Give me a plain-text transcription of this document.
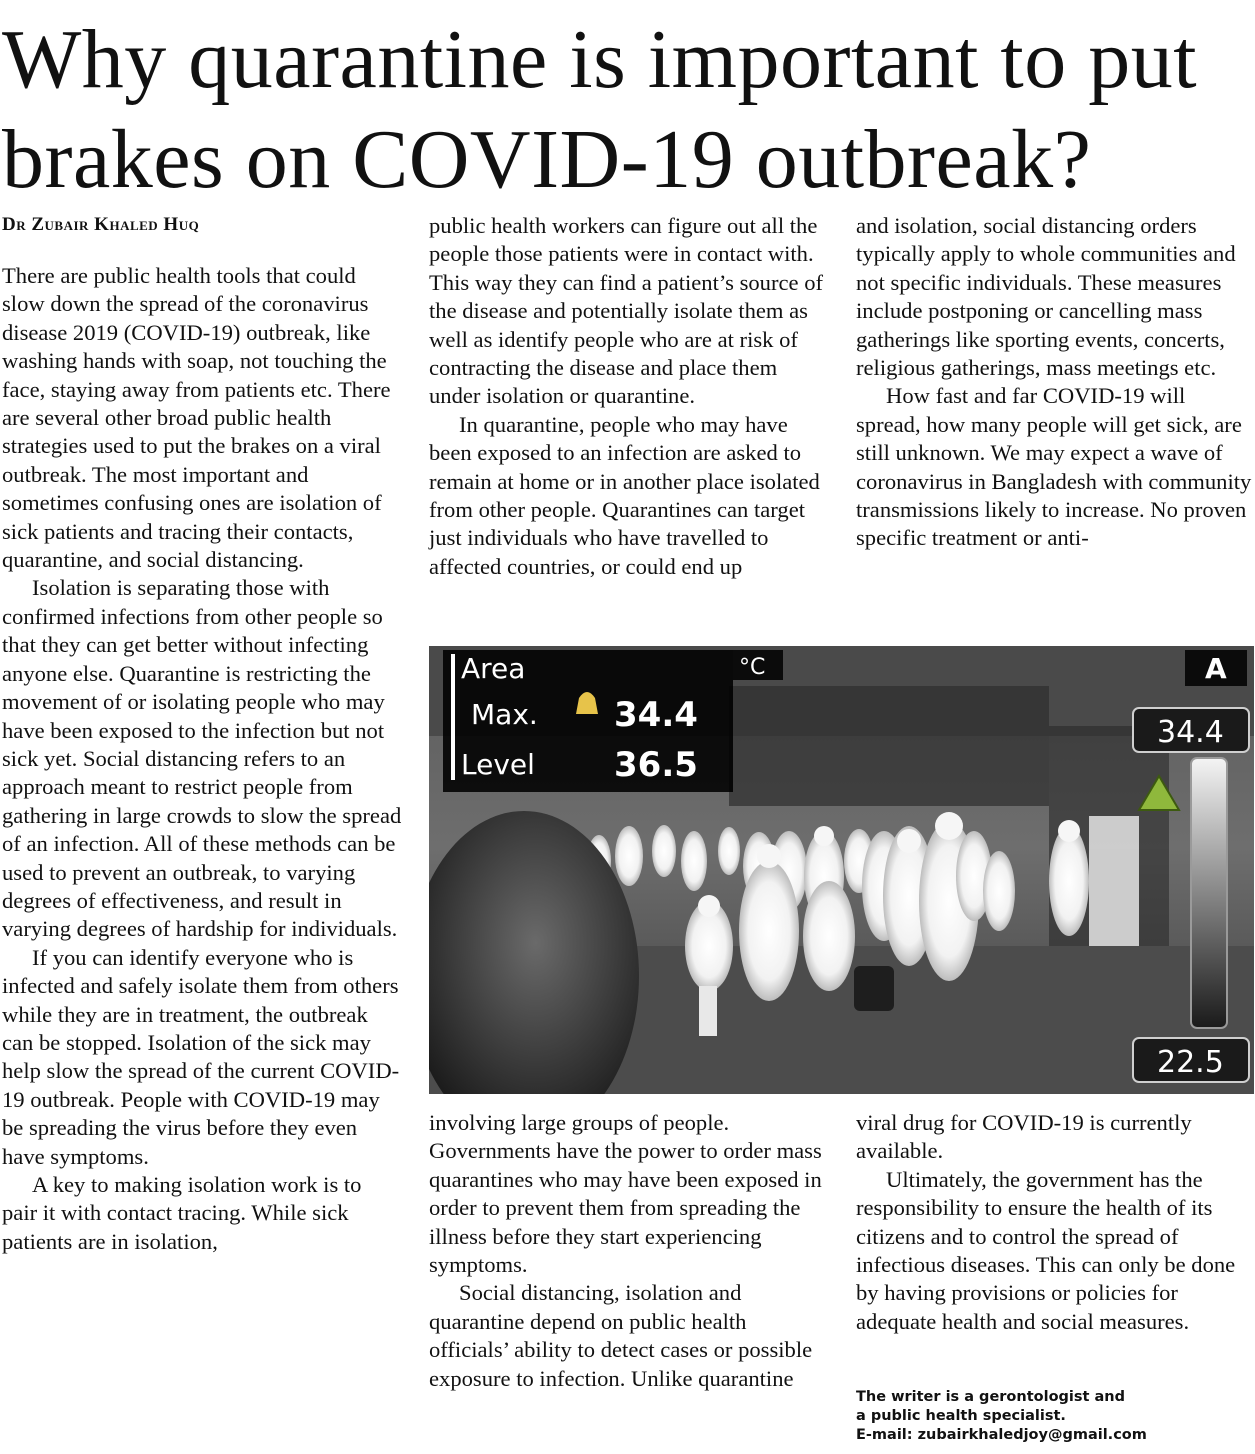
Why quarantine is important to put brakes on COVID-19 outbreak?
Dr Zubair Khaled Huq

There are public health tools that could slow down the spread of the coronavirus disease 2019 (COVID-19) outbreak, like washing hands with soap, not touching the face, staying away from patients etc. There are several other broad public health strategies used to put the brakes on a viral outbreak. The most important and sometimes confusing ones are isolation of sick patients and tracing their contacts, quarantine, and social distancing.

Isolation is separating those with confirmed infections from other people so that they can get better without infecting anyone else. Quarantine is restricting the movement of or isolating people who may have been exposed to the infection but not sick yet. Social distancing refers to an approach meant to restrict people from gathering in large crowds to slow the spread of an infection. All of these methods can be used to prevent an outbreak, to varying degrees of effectiveness, and result in varying degrees of hardship for individuals.

If you can identify everyone who is infected and safely isolate them from others while they are in treatment, the outbreak can be stopped. Isolation of the sick may help slow the spread of the current COVID-19 outbreak. People with COVID-19 may be spreading the virus before they even have symptoms.

A key to making isolation work is to pair it with contact tracing. While sick patients are in isolation,

public health workers can figure out all the people those patients were in contact with. This way they can find a patient’s source of the disease and potentially isolate them as well as identify people who are at risk of contracting the disease and place them under isolation or quarantine.

In quarantine, people who may have been exposed to an infection are asked to remain at home or in another place isolated from other people. Quarantines can target just individuals who have travelled to affected countries, or could end up

and isolation, social distancing orders typically apply to whole communities and not specific individuals. These measures include postponing or cancelling mass gatherings like sporting events, concerts, religious gatherings, mass meetings etc.

How fast and far COVID-19 will spread, how many people will get sick, are still unknown. We may expect a wave of coronavirus in Bangladesh with community transmissions likely to increase. No proven specific treatment or anti-

Area
Max. 34.4
Level 36.5
°C	A
34.4
22.5

involving large groups of people. Governments have the power to order mass quarantines who may have been exposed in order to prevent them from spreading the illness before they start experiencing symptoms.

Social distancing, isolation and quarantine depend on public health officials’ ability to detect cases or possible exposure to infection. Unlike quarantine

viral drug for COVID-19 is currently available.

Ultimately, the government has the responsibility to ensure the health of its citizens and to control the spread of infectious diseases. This can only be done by having provisions or policies for adequate health and social measures.

The writer is a gerontologist and
a public health specialist.
E-mail: zubairkhaledjoy@gmail.com
